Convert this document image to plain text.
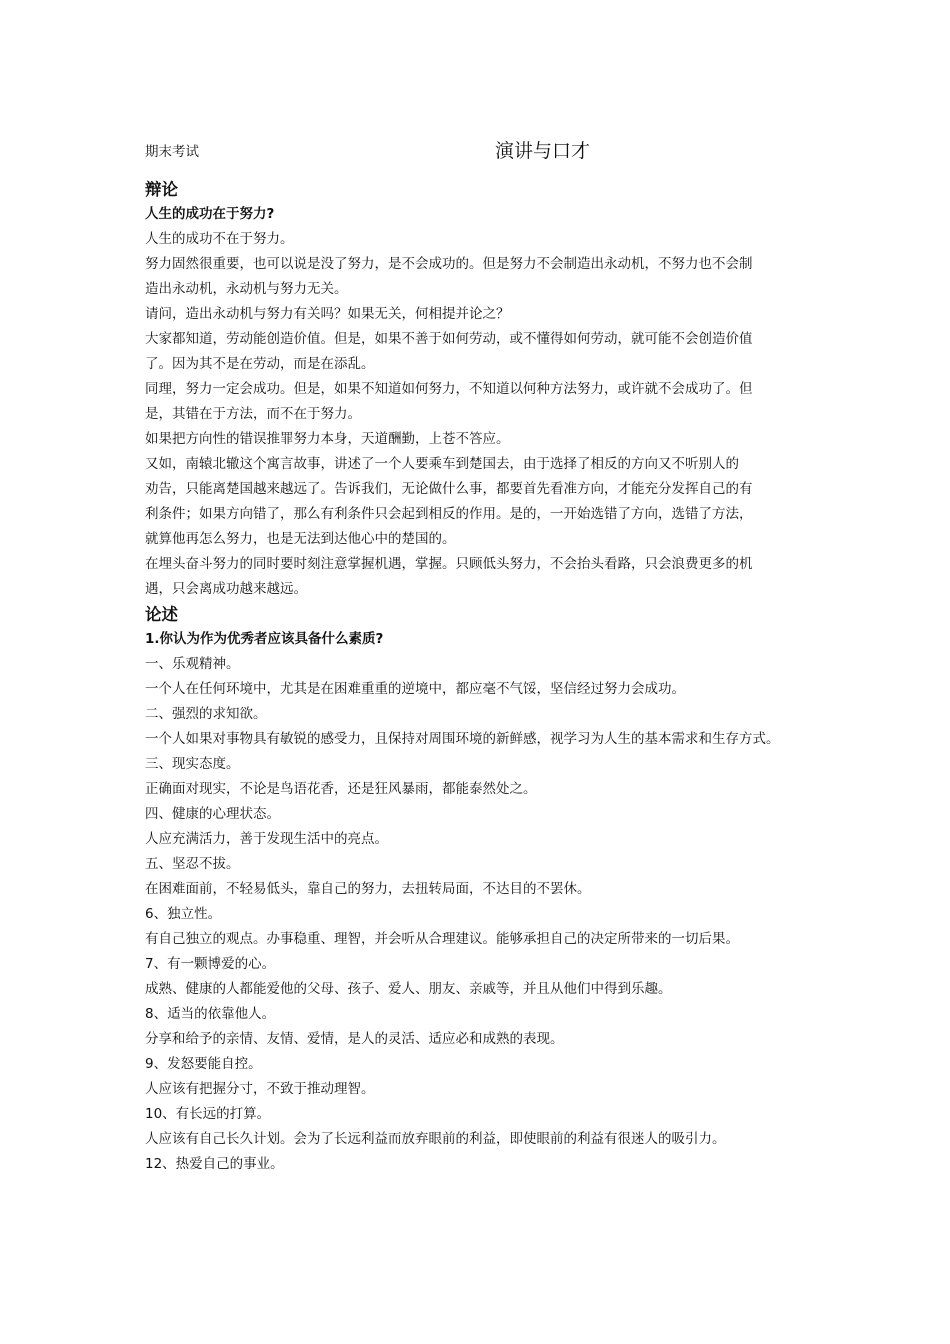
期末考试	演讲与口才
辩论
人生的成功在于努力?
人生的成功不在于努力。
努力固然很重要，也可以说是没了努力，是不会成功的。但是努力不会制造出永动机，不努力也不会制
造出永动机，永动机与努力无关。
请问，造出永动机与努力有关吗？如果无关，何相提并论之？
大家都知道，劳动能创造价值。但是，如果不善于如何劳动，或不懂得如何劳动，就可能不会创造价值
了。因为其不是在劳动，而是在添乱。
同理，努力一定会成功。但是，如果不知道如何努力，不知道以何种方法努力，或许就不会成功了。但
是，其错在于方法，而不在于努力。
如果把方向性的错误推罪努力本身，天道酬勤，上苍不答应。
又如，南辕北辙这个寓言故事，讲述了一个人要乘车到楚国去，由于选择了相反的方向又不听别人的
劝告，只能离楚国越来越远了。告诉我们，无论做什么事，都要首先看准方向，才能充分发挥自己的有
利条件；如果方向错了，那么有利条件只会起到相反的作用。是的，一开始选错了方向，选错了方法，
就算他再怎么努力，也是无法到达他心中的楚国的。
在埋头奋斗努力的同时要时刻注意掌握机遇，掌握。只顾低头努力，不会抬头看路，只会浪费更多的机
遇，只会离成功越来越远。
论述
1.你认为作为优秀者应该具备什么素质?
一、乐观精神。
一个人在任何环境中，尤其是在困难重重的逆境中，都应毫不气馁，坚信经过努力会成功。
二、强烈的求知欲。
一个人如果对事物具有敏锐的感受力，且保持对周围环境的新鲜感，视学习为人生的基本需求和生存方式。
三、现实态度。
正确面对现实，不论是鸟语花香，还是狂风暴雨，都能泰然处之。
四、健康的心理状态。
人应充满活力，善于发现生活中的亮点。
五、坚忍不拔。
在困难面前，不轻易低头，靠自己的努力，去扭转局面，不达目的不罢休。
6、独立性。
有自己独立的观点。办事稳重、理智，并会听从合理建议。能够承担自己的决定所带来的一切后果。
7、有一颗博爱的心。
成熟、健康的人都能爱他的父母、孩子、爱人、朋友、亲戚等，并且从他们中得到乐趣。
8、适当的依靠他人。
分享和给予的亲情、友情、爱情，是人的灵活、适应必和成熟的表现。
9、发怒要能自控。
人应该有把握分寸，不致于推动理智。
10、有长远的打算。
人应该有自己长久计划。会为了长远利益而放弃眼前的利益，即使眼前的利益有很迷人的吸引力。
12、热爱自己的事业。
